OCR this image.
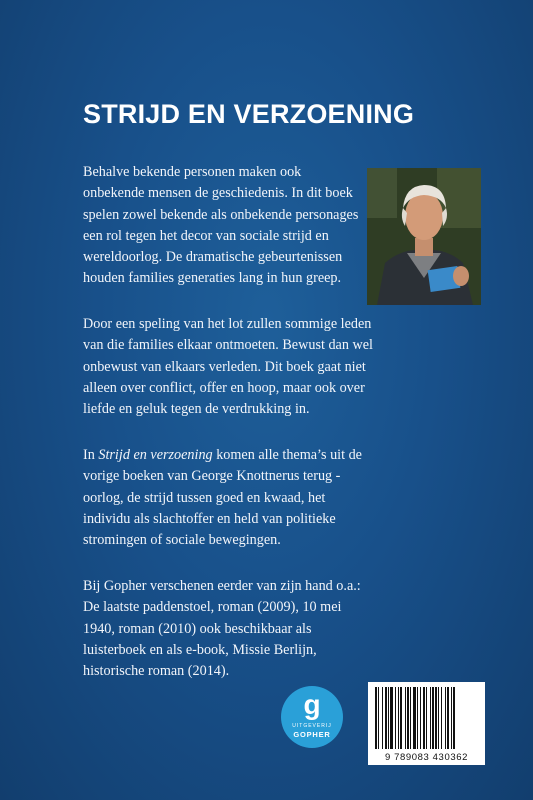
STRIJD EN VERZOENING
Behalve bekende personen maken ook onbekende mensen de geschiedenis. In dit boek spelen zowel bekende als onbekende personages een rol tegen het decor van sociale strijd en wereldoorlog. De dramatische gebeurtenissen houden families generaties lang in hun greep.
Door een speling van het lot zullen sommige leden van die families elkaar ontmoeten. Bewust dan wel onbewust van elkaars verleden. Dit boek gaat niet alleen over conflict, offer en hoop, maar ook over liefde en geluk tegen de verdrukking in.
In Strijd en verzoening komen alle thema’s uit de vorige boeken van George Knottnerus terug - oorlog, de strijd tussen goed en kwaad, het individu als slachtoffer en held van politieke stromingen of sociale bewegingen.
Bij Gopher verschenen eerder van zijn hand o.a.: De laatste paddenstoel, roman (2009), 10 mei 1940, roman (2010) ook beschikbaar als luisterboek en als e-book, Missie Berlijn, historische roman (2014).
g
UITGEVERIJ
GOPHER
9 789083 430362
